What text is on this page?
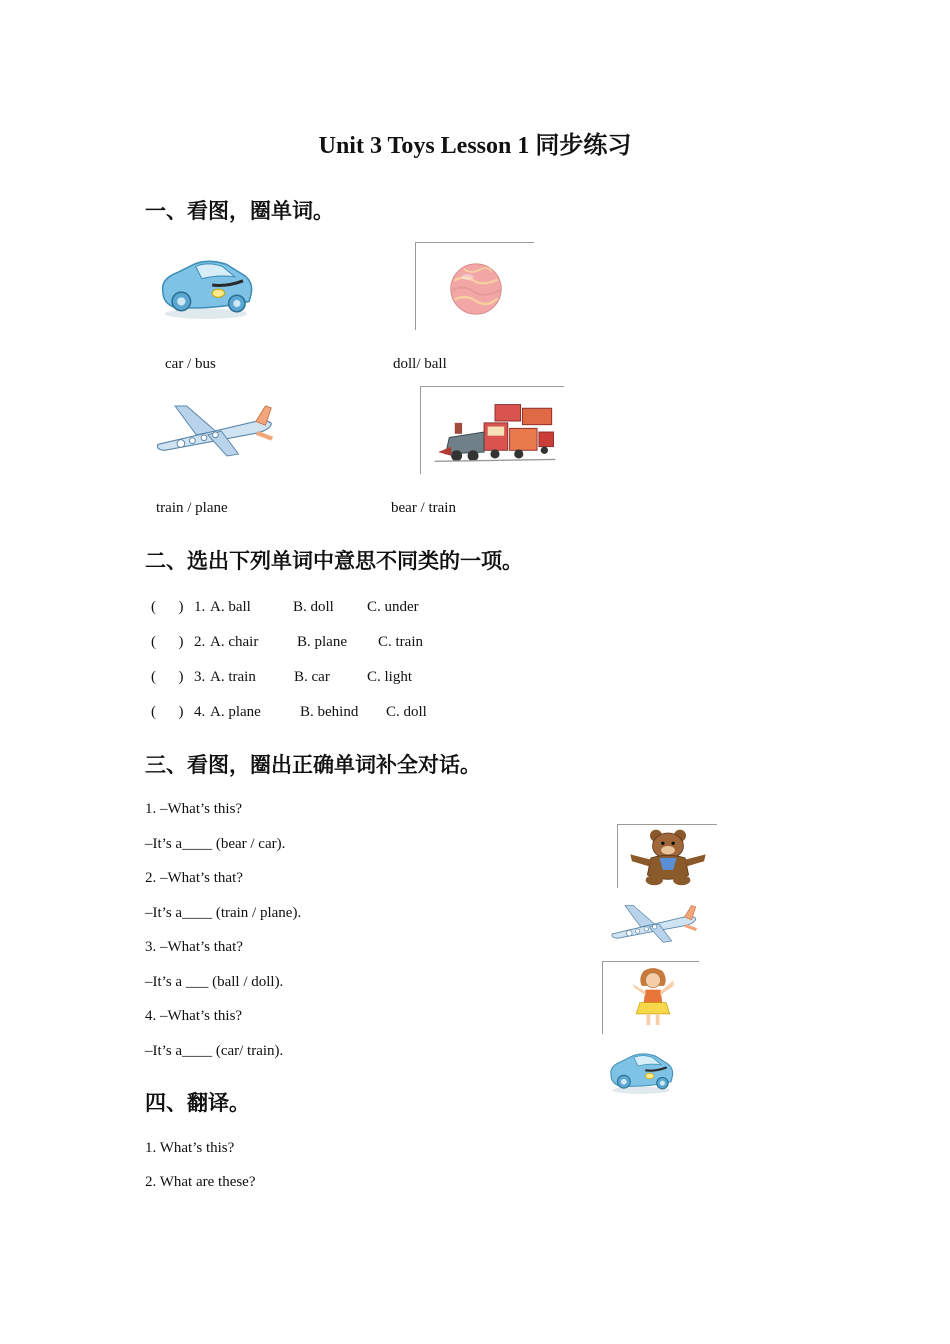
Unit 3 Toys Lesson 1 同步练习
一、看图，圈单词。
car / bus	doll/ ball
train / plane	bear / train
二、选出下列单词中意思不同类的一项。
(      ) 1. A. ball	B. doll C. under
(      ) 2. A. chair	B. plane C. train
(      ) 3. A. train	B. car C. light
(      ) 4. A. plane	B. behind C. doll
三、看图，圈出正确单词补全对话。
1. –What’s this?
–It’s a____ (bear / car).
2. –What’s that?
–It’s a____ (train / plane).
3. –What’s that?
–It’s a ___ (ball / doll).
4. –What’s this?
–It’s a____ (car/ train).
四、翻译。
1. What’s this?
2. What are these?
